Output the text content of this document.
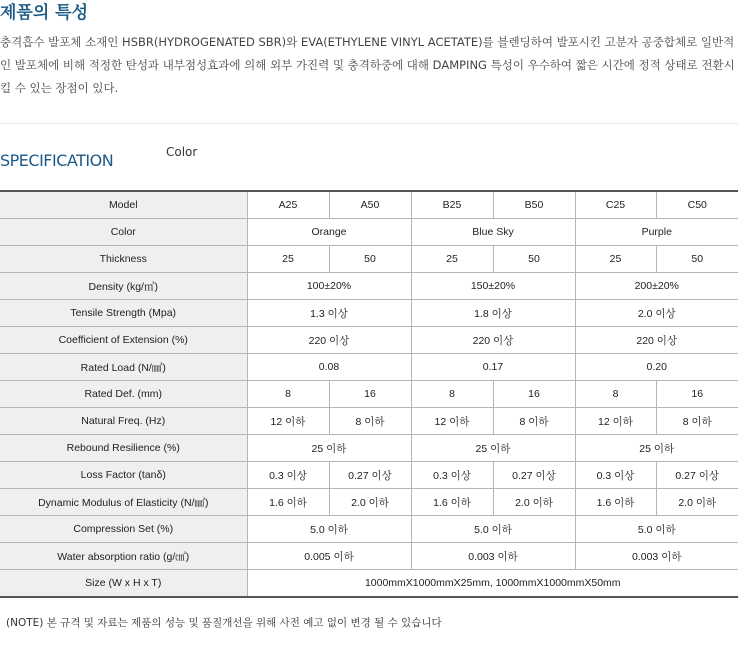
제품의 특성

충격흡수 발포체 소재인 HSBR(HYDROGENATED SBR)와 EVA(ETHYLENE VINYL ACETATE)를 블렌딩하여 발포시킨 고분자 공중합체로 일반적인 발포체에 비해 적정한 탄성과 내부점성효과에 의해 외부 가진력 및 충격하중에 대해 DAMPING 특성이 우수하여 짧은 시간에 정적 상태로 전환시킬 수 있는 장점이 있다.

SPECIFICATION	Color
Model	A25	A50	B25	B50	C25	C50
Color	Orange		Blue Sky		Purple	
Thickness	25	50	25	50	25	50
Density (kg/㎥)	100±20%		150±20%		200±20%	
Tensile Strength (Mpa)	1.3 이상		1.8 이상		2.0 이상	
Coefficient of Extension (%)	220 이상		220 이상		220 이상	
Rated Load (N/㎟)	0.08		0.17		0.20	
Rated Def. (mm)	8	16	8	16	8	16
Natural Freq. (Hz)	12 이하	8 이하	12 이하	8 이하	12 이하	8 이하
Rebound Resilience (%)	25 이하		25 이하		25 이하	
Loss Factor (tanδ)	0.3 이상	0.27 이상	0.3 이상	0.27 이상	0.3 이상	0.27 이상
Dynamic Modulus of Elasticity (N/㎟)	1.6 이하	2.0 이하	1.6 이하	2.0 이하	1.6 이하	2.0 이하
Compression Set (%)	5.0 이하		5.0 이하		5.0 이하	
Water absorption ratio (g/㎠)	0.005 이하		0.003 이하		0.003 이하	
Size (W x H x T)	1000mmX1000mmX25mm, 1000mmX1000mmX50mm					
(NOTE) 본 규격 및 자료는 제품의 성능 및 품질개선을 위해 사전 예고 없이 변경 될 수 있습니다
